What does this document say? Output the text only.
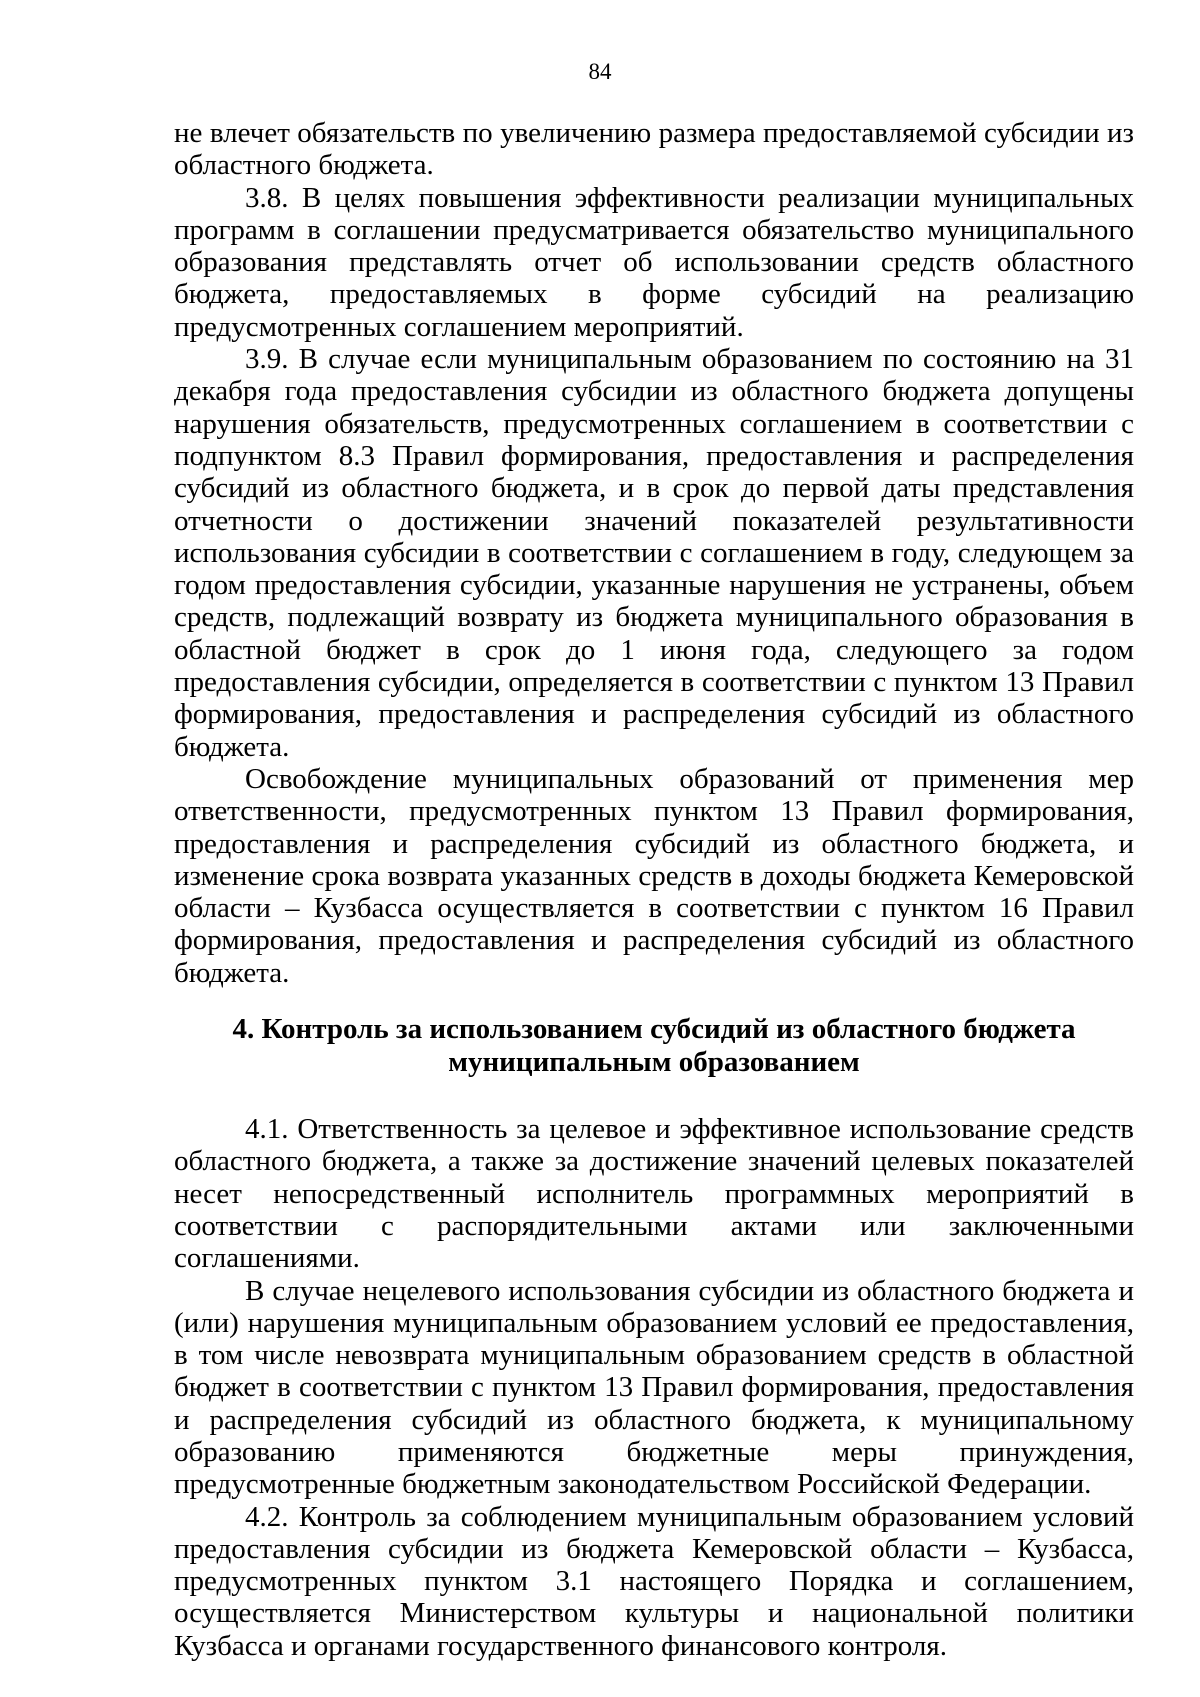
84

не влечет обязательств по увеличению размера предоставляемой субсидии из областного бюджета.

3.8. В целях повышения эффективности реализации муниципальных программ в соглашении предусматривается обязательство муниципального образования представлять отчет об использовании средств областного бюджета, предоставляемых в форме субсидий на реализацию предусмотренных соглашением мероприятий.

3.9. В случае если муниципальным образованием по состоянию на 31 декабря года предоставления субсидии из областного бюджета допущены нарушения обязательств, предусмотренных соглашением в соответствии с подпунктом 8.3 Правил формирования, предоставления и распределения субсидий из областного бюджета, и в срок до первой даты представления отчетности о достижении значений показателей результативности использования субсидии в соответствии с соглашением в году, следующем за годом предоставления субсидии, указанные нарушения не устранены, объем средств, подлежащий возврату из бюджета муниципального образования в областной бюджет в срок до 1 июня года, следующего за годом предоставления субсидии, определяется в соответствии с пунктом 13 Правил формирования, предоставления и распределения субсидий из областного бюджета.

Освобождение муниципальных образований от применения мер ответственности, предусмотренных пунктом 13 Правил формирования, предоставления и распределения субсидий из областного бюджета, и изменение срока возврата указанных средств в доходы бюджета Кемеровской области – Кузбасса осуществляется в соответствии с пунктом 16 Правил формирования, предоставления и распределения субсидий из областного бюджета.

4. Контроль за использованием субсидий из областного бюджета
муниципальным образованием

4.1. Ответственность за целевое и эффективное использование средств областного бюджета, а также за достижение значений целевых показателей несет непосредственный исполнитель программных мероприятий в соответствии с распорядительными актами или заключенными соглашениями.

В случае нецелевого использования субсидии из областного бюджета и (или) нарушения муниципальным образованием условий ее предоставления, в том числе невозврата муниципальным образованием средств в областной бюджет в соответствии с пунктом 13 Правил формирования, предоставления и распределения субсидий из областного бюджета, к муниципальному образованию применяются бюджетные меры принуждения, предусмотренные бюджетным законодательством Российской Федерации.

4.2. Контроль за соблюдением муниципальным образованием условий предоставления субсидии из бюджета Кемеровской области – Кузбасса, предусмотренных пунктом 3.1 настоящего Порядка и соглашением, осуществляется Министерством культуры и национальной политики Кузбасса и органами государственного финансового контроля.
